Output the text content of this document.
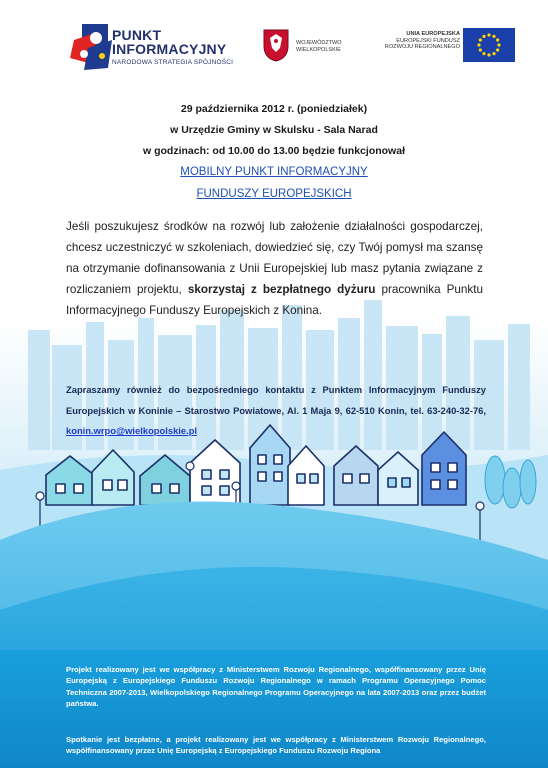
PUNKT
INFORMACYJNY
NARODOWA STRATEGIA SPÓJNOŚCI
WOJEWÓDZTWO
WIELKOPOLSKIE
UNIA EUROPEJSKA
EUROPEJSKI FUNDUSZ
ROZWOJU REGIONALNEGO
29 października 2012 r. (poniedziałek)
w Urzędzie Gminy w Skulsku - Sala Narad
w godzinach: od 10.00 do 13.00 będzie funkcjonował
MOBILNY PUNKT INFORMACYJNY
FUNDUSZY EUROPEJSKICH
Jeśli poszukujesz środków na rozwój lub założenie działalności gospodarczej, chcesz uczestniczyć w szkoleniach, dowiedzieć się, czy Twój pomysł ma szansę na otrzymanie dofinansowania z Unii Europejskiej lub masz pytania związane z rozliczaniem projektu, skorzystaj z bezpłatnego dyżuru pracownika Punktu Informacyjnego Funduszy Europejskich z Konina.
Zapraszamy również do bezpośredniego kontaktu z Punktem Informacyjnym Funduszy Europejskich w Koninie – Starostwo Powiatowe, Al. 1 Maja 9, 62-510 Konin, tel. 63-240-32-76, konin.wrpo@wielkopolskie.pl
Projekt realizowany jest we współpracy z Ministerstwem Rozwoju Regionalnego, współfinansowany przez Unię Europejską z Europejskiego Funduszu Rozwoju Regionalnego w ramach Programu Operacyjnego Pomoc Techniczna 2007-2013, Wielkopolskiego Regionalnego Programu Operacyjnego na lata 2007-2013 oraz przez budżet państwa.
Spotkanie jest bezpłatne, a projekt realizowany jest we współpracy z Ministerstwem Rozwoju Regionalnego, współfinansowany przez Unię Europejską z Europejskiego Funduszu Rozwoju Regiona
